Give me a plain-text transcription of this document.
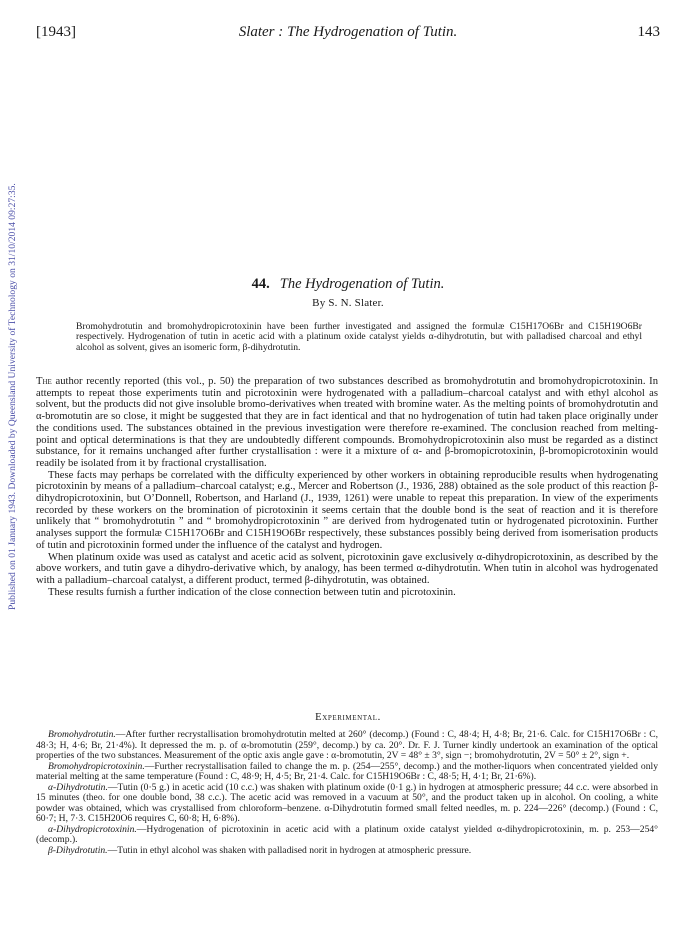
[1943]	Slater : The Hydrogenation of Tutin.	143
Published on 01 January 1943. Downloaded by Queensland University of Technology on 31/10/2014 09:27:35.	44. The Hydrogenation of Tutin.

By S. N. Slater.

Bromohydrotutin and bromohydropicrotoxinin have been further investigated and assigned the formulæ C15H17O6Br and C15H19O6Br respectively. Hydrogenation of tutin in acetic acid with a platinum oxide catalyst yields α-dihydrotutin, but with palladised charcoal and ethyl alcohol as solvent, gives an isomeric form, β-dihydrotutin.

The author recently reported (this vol., p. 50) the preparation of two substances described as bromohydrotutin and bromohydropicrotoxinin. In attempts to repeat those experiments tutin and picrotoxinin were hydrogenated with a palladium–charcoal catalyst and with ethyl alcohol as solvent, but the products did not give insoluble bromo-derivatives when treated with bromine water. As the melting points of bromohydrotutin and α-bromotutin are so close, it might be suggested that they are in fact identical and that no hydrogenation of tutin had taken place originally under the conditions used. The substances obtained in the previous investigation were therefore re-examined. The conclusion reached from melting-point and optical determinations is that they are undoubtedly different compounds. Bromohydropicrotoxinin also must be regarded as a distinct substance, for it remains unchanged after further crystallisation : were it a mixture of α- and β-bromopicrotoxinin, β-bromopicrotoxinin would readily be isolated from it by fractional crystallisation.

These facts may perhaps be correlated with the difficulty experienced by other workers in obtaining reproducible results when hydrogenating picrotoxinin by means of a palladium–charcoal catalyst; e.g., Mercer and Robertson (J., 1936, 288) obtained as the sole product of this reaction β-dihydropicrotoxinin, but O’Donnell, Robertson, and Harland (J., 1939, 1261) were unable to repeat this preparation. In view of the experiments recorded by these workers on the bromination of picrotoxinin it seems certain that the double bond is the seat of reaction and it is therefore unlikely that “ bromohydrotutin ” and “ bromohydropicrotoxinin ” are derived from hydrogenated tutin or hydrogenated picrotoxinin. Further analyses support the formulæ C15H17O6Br and C15H19O6Br respectively, these substances possibly being derived from isomerisation products of tutin and picrotoxinin formed under the influence of the catalyst and hydrogen.

When platinum oxide was used as catalyst and acetic acid as solvent, picrotoxinin gave exclusively α-dihydropicrotoxinin, as described by the above workers, and tutin gave a dihydro-derivative which, by analogy, has been termed α-dihydrotutin. When tutin in alcohol was hydrogenated with a palladium–charcoal catalyst, a different product, termed β-dihydrotutin, was obtained.

These results furnish a further indication of the close connection between tutin and picrotoxinin.

Experimental.

Bromohydrotutin.—After further recrystallisation bromohydrotutin melted at 260° (decomp.) (Found : C, 48·4; H, 4·8; Br, 21·6. Calc. for C15H17O6Br : C, 48·3; H, 4·6; Br, 21·4%). It depressed the m. p. of α-bromotutin (259°, decomp.) by ca. 20°. Dr. F. J. Turner kindly undertook an examination of the optical properties of the two substances. Measurement of the optic axis angle gave : α-bromotutin, 2V = 48° ± 3°, sign −; bromohydrotutin, 2V = 50° ± 2°, sign +.

Bromohydropicrotoxinin.—Further recrystallisation failed to change the m. p. (254—255°, decomp.) and the mother-liquors when concentrated yielded only material melting at the same temperature (Found : C, 48·9; H, 4·5; Br, 21·4. Calc. for C15H19O6Br : C, 48·5; H, 4·1; Br, 21·6%).

α-Dihydrotutin.—Tutin (0·5 g.) in acetic acid (10 c.c.) was shaken with platinum oxide (0·1 g.) in hydrogen at atmospheric pressure; 44 c.c. were absorbed in 15 minutes (theo. for one double bond, 38 c.c.). The acetic acid was removed in a vacuum at 50°, and the product taken up in alcohol. On cooling, a white powder was obtained, which was crystallised from chloroform–benzene. α-Dihydrotutin formed small felted needles, m. p. 224—226° (decomp.) (Found : C, 60·7; H, 7·3. C15H20O6 requires C, 60·8; H, 6·8%).

α-Dihydropicrotoxinin.—Hydrogenation of picrotoxinin in acetic acid with a platinum oxide catalyst yielded α-dihydropicrotoxinin, m. p. 253—254° (decomp.).

β-Dihydrotutin.—Tutin in ethyl alcohol was shaken with palladised norit in hydrogen at atmospheric pressure.
